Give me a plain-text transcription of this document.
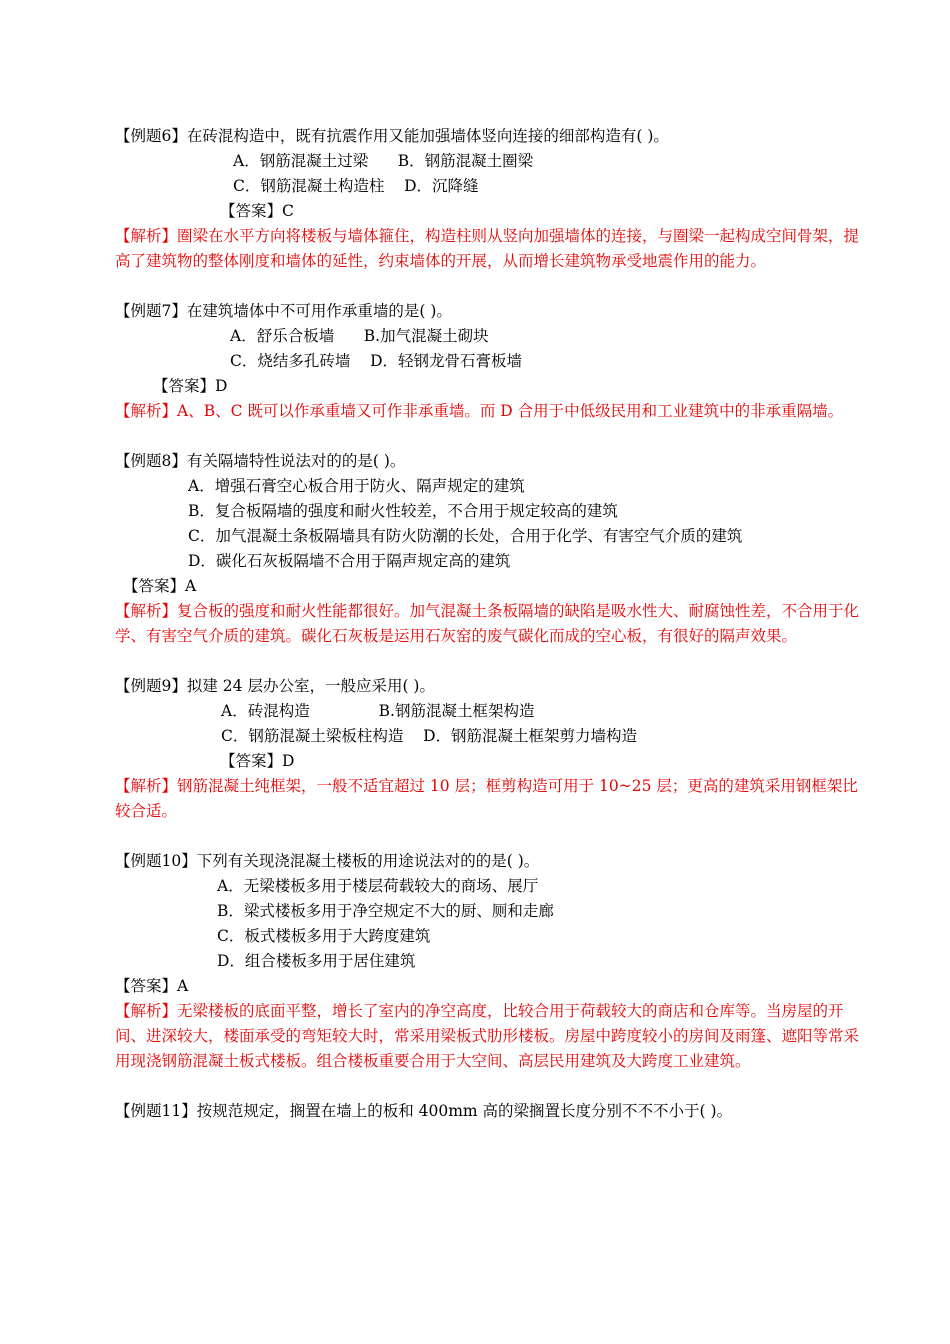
【例题6】在砖混构造中，既有抗震作用又能加强墙体竖向连接的细部构造有( )。
A．钢筋混凝土过梁      B．钢筋混凝土圈梁
C．钢筋混凝土构造柱    D．沉降缝
【答案】C

【解析】圈梁在水平方向将楼板与墙体箍住，构造柱则从竖向加强墙体的连接，与圈梁一起构成空间骨架，提高了建筑物的整体刚度和墙体的延性，约束墙体的开展，从而增长建筑物承受地震作用的能力。

【例题7】在建筑墙体中不可用作承重墙的是( )。
A．舒乐合板墙      B.加气混凝土砌块
C．烧结多孔砖墙    D．轻钢龙骨石膏板墙
【答案】D

【解析】A、B、C 既可以作承重墙又可作非承重墙。而 D 合用于中低级民用和工业建筑中的非承重隔墙。

【例题8】有关隔墙特性说法对的的是( )。
A．增强石膏空心板合用于防火、隔声规定的建筑
B．复合板隔墙的强度和耐火性较差，不合用于规定较高的建筑
C．加气混凝土条板隔墙具有防火防潮的长处，合用于化学、有害空气介质的建筑
D．碳化石灰板隔墙不合用于隔声规定高的建筑
【答案】A

【解析】复合板的强度和耐火性能都很好。加气混凝土条板隔墙的缺陷是吸水性大、耐腐蚀性差，不合用于化学、有害空气介质的建筑。碳化石灰板是运用石灰窑的废气碳化而成的空心板，有很好的隔声效果。

【例题9】拟建 24 层办公室，一般应采用( )。
A．砖混构造              B.钢筋混凝土框架构造
C．钢筋混凝土梁板柱构造    D．钢筋混凝土框架剪力墙构造
【答案】D

【解析】钢筋混凝土纯框架，一般不适宜超过 10 层；框剪构造可用于 10~25 层；更高的建筑采用钢框架比较合适。

【例题10】下列有关现浇混凝土楼板的用途说法对的的是( )。
A．无梁楼板多用于楼层荷载较大的商场、展厅
B．梁式楼板多用于净空规定不大的厨、厕和走廊
C．板式楼板多用于大跨度建筑
D．组合楼板多用于居住建筑
【答案】A

【解析】无梁楼板的底面平整，增长了室内的净空高度，比较合用于荷载较大的商店和仓库等。当房屋的开间、进深较大，楼面承受的弯矩较大时，常采用梁板式肋形楼板。房屋中跨度较小的房间及雨篷、遮阳等常采用现浇钢筋混凝土板式楼板。组合楼板重要合用于大空间、高层民用建筑及大跨度工业建筑。

【例题11】按规范规定，搁置在墙上的板和 400mm 高的梁搁置长度分别不不不小于( )。
